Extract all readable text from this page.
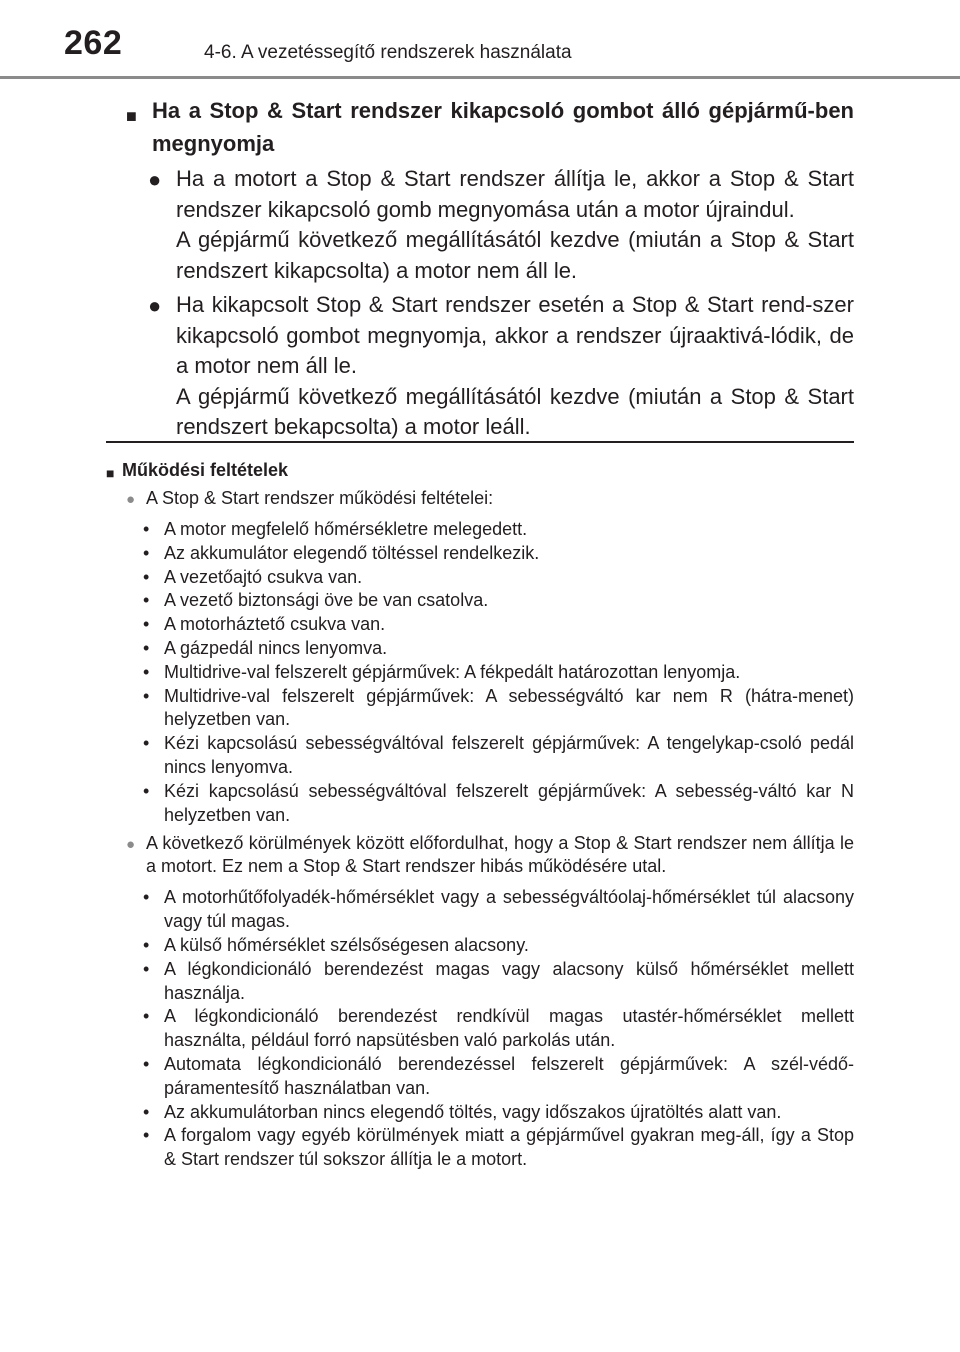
262	4-6. A vezetéssegítő rendszerek használata
■ Ha a Stop & Start rendszer kikapcsoló gombot álló gépjármű-ben megnyomja
● Ha a motort a Stop & Start rendszer állítja le, akkor a Stop & Start rendszer kikapcsoló gomb megnyomása után a motor újraindul.

A gépjármű következő megállításától kezdve (miután a Stop & Start rendszert kikapcsolta) a motor nem áll le.

● Ha kikapcsolt Stop & Start rendszer esetén a Stop & Start rend-szer kikapcsoló gombot megnyomja, akkor a rendszer újraaktivá-lódik, de a motor nem áll le.

A gépjármű következő megállításától kezdve (miután a Stop & Start rendszert bekapcsolta) a motor leáll.

■ Működési feltételek
● A Stop & Start rendszer működési feltételei:
• A motor megfelelő hőmérsékletre melegedett.
• Az akkumulátor elegendő töltéssel rendelkezik.
• A vezetőajtó csukva van.
• A vezető biztonsági öve be van csatolva.
• A motorháztető csukva van.
• A gázpedál nincs lenyomva.
• Multidrive-val felszerelt gépjárművek: A fékpedált határozottan lenyomja.
• Multidrive-val felszerelt gépjárművek: A sebességváltó kar nem R (hátra-menet) helyzetben van.
• Kézi kapcsolású sebességváltóval felszerelt gépjárművek: A tengelykap-csoló pedál nincs lenyomva.
• Kézi kapcsolású sebességváltóval felszerelt gépjárművek: A sebesség-váltó kar N helyzetben van.
● A következő körülmények között előfordulhat, hogy a Stop & Start rendszer nem állítja le a motort. Ez nem a Stop & Start rendszer hibás működésére utal.
• A motorhűtőfolyadék-hőmérséklet vagy a sebességváltóolaj-hőmérséklet túl alacsony vagy túl magas.
• A külső hőmérséklet szélsőségesen alacsony.
• A légkondicionáló berendezést magas vagy alacsony külső hőmérséklet mellett használja.
• A légkondicionáló berendezést rendkívül magas utastér-hőmérséklet mellett használta, például forró napsütésben való parkolás után.
• Automata légkondicionáló berendezéssel felszerelt gépjárművek: A szél-védő-páramentesítő használatban van.
• Az akkumulátorban nincs elegendő töltés, vagy időszakos újratöltés alatt van.
• A forgalom vagy egyéb körülmények miatt a gépjárművel gyakran meg-áll, így a Stop & Start rendszer túl sokszor állítja le a motort.
